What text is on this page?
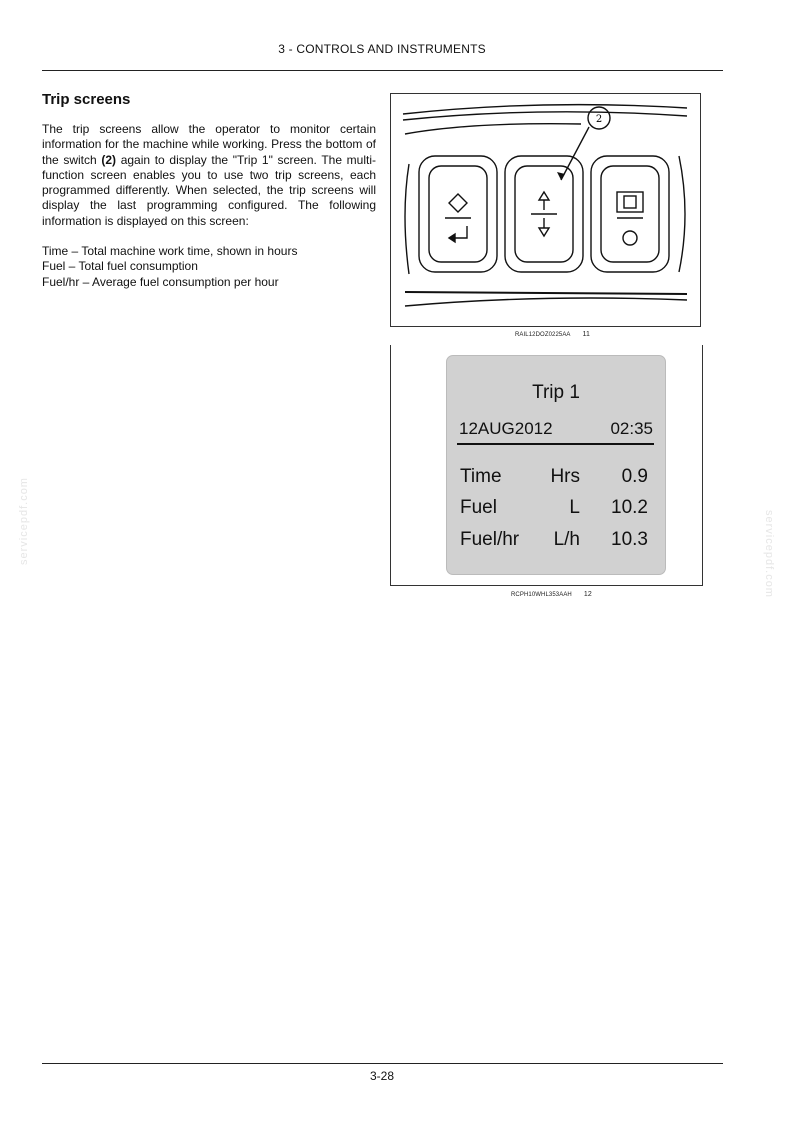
3 - CONTROLS AND INSTRUMENTS
Trip screens

The trip screens allow the operator to monitor certain information for the machine while working. Press the bottom of the switch (2) again to display the "Trip 1" screen. The multi-function screen enables you to use two trip screens, each programmed differently. When selected, the trip screens will display the last programming configured. The following information is displayed on this screen:

Time – Total machine work time, shown in hours
Fuel – Total fuel consumption
Fuel/hr – Average fuel consumption per hour
2
RAIL12DOZ0225AA 11
Trip 1
12AUG2012	02:35
Time	Hrs 0.9
Fuel	L 10.2
Fuel/hr L/h 10.3
RCPH10WHL353AAH 12
servicepdf.com	servicepdf.com
3-28
